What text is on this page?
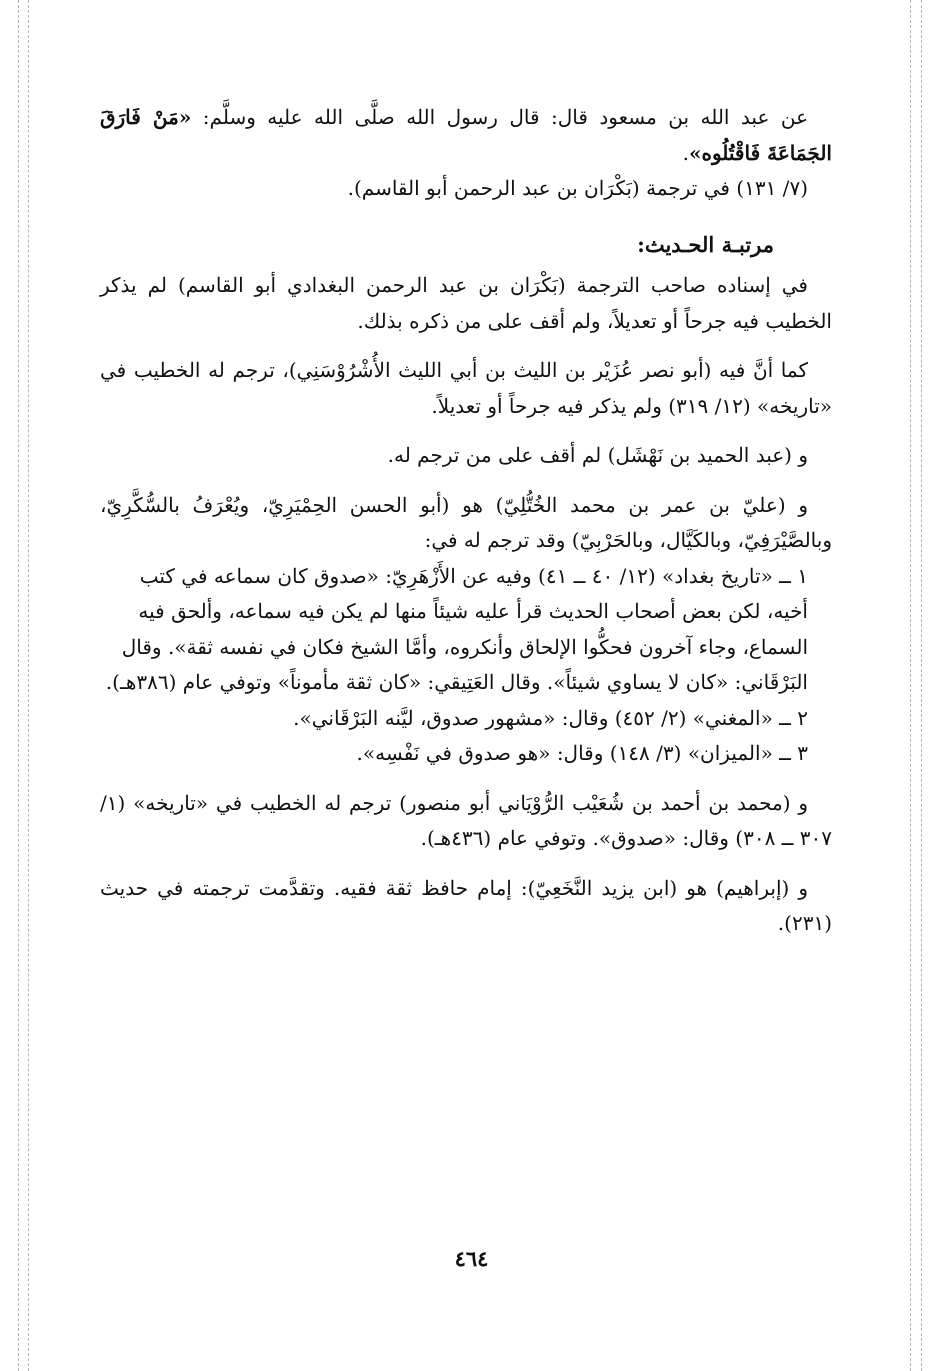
عن عبد الله بن مسعود قال: قال رسول الله صلَّى الله عليه وسلَّم: «مَنْ فَارَقَ الجَمَاعَةَ فَاقْتُلُوه».

(٧/ ١٣١) في ترجمة (بَكْرَان بن عبد الرحمن أبو القاسم).

مرتبـة الحـديث:

في إسناده صاحب الترجمة (بَكْرَان بن عبد الرحمن البغدادي أبو القاسم) لم يذكر الخطيب فيه جرحاً أو تعديلاً، ولم أقف على من ذكره بذلك.

كما أنَّ فيه (أبو نصر عُزَيْر بن الليث بن أبي الليث الأُشْرُوْسَنِي)، ترجم له الخطيب في «تاريخه» (١٢/ ٣١٩) ولم يذكر فيه جرحاً أو تعديلاً.

و (عبد الحميد بن نَهْشَل) لم أقف على من ترجم له.

و (عليّ بن عمر بن محمد الخُتُّلِيّ) هو (أبو الحسن الحِمْيَرِيّ، ويُعْرَفُ بالسُّكَّرِيّ، وبالصَّيْرَفِيّ، وبالكَيَّال، وبالحَرْبِيّ) وقد ترجم له في:

١ ــ «تاريخ بغداد» (١٢/ ٤٠ ــ ٤١) وفيه عن الأَزْهَرِيّ: «صدوق كان سماعه في كتب أخيه، لكن بعض أصحاب الحديث قرأ عليه شيئاً منها لم يكن فيه سماعه، وألحق فيه السماع، وجاء آخرون فحكُّوا الإلحاق وأنكروه، وأمَّا الشيخ فكان في نفسه ثقة». وقال البَرْقَاني: «كان لا يساوي شيئاً». وقال العَتِيقي: «كان ثقة مأموناً» وتوفي عام (٣٨٦هـ).

٢ ــ «المغني» (٢/ ٤٥٢) وقال: «مشهور صدوق، ليَّنه البَرْقَاني».

٣ ــ «الميزان» (٣/ ١٤٨) وقال: «هو صدوق في نَفْسِه».

و (محمد بن أحمد بن شُعَيْب الرُّوْيَاني أبو منصور) ترجم له الخطيب في «تاريخه» (١/ ٣٠٧ ــ ٣٠٨) وقال: «صدوق». وتوفي عام (٤٣٦هـ).

و (إبراهيم) هو (ابن يزيد النَّخَعِيّ): إمام حافظ ثقة فقيه. وتقدَّمت ترجمته في حديث (٢٣١).

٤٦٤
